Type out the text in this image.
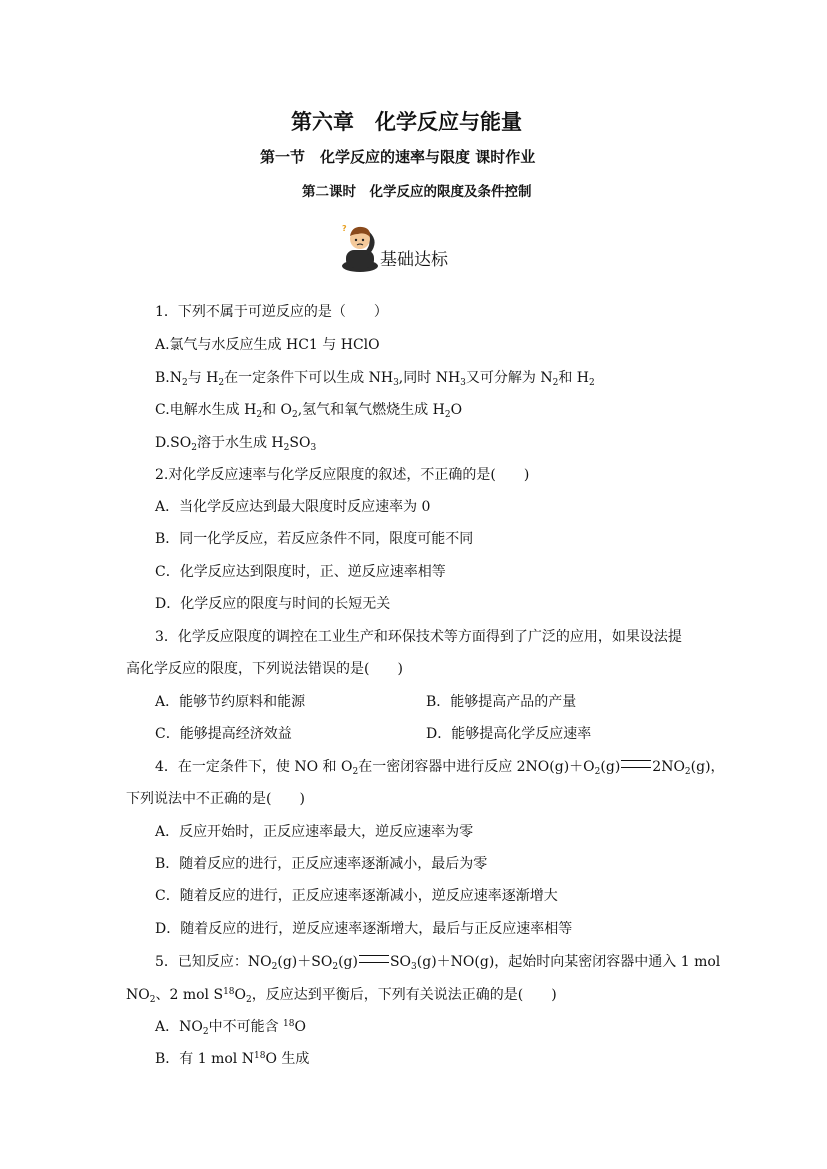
第六章　化学反应与能量
第一节　化学反应的速率与限度 课时作业
第二课时　化学反应的限度及条件控制
?
基础达标
1．下列不属于可逆反应的是（　　）
A.氯气与水反应生成 HC1 与 HClO
$B.N_2$与 $H_2$在一定条件下可以生成 $NH_3$,同时 $NH_3$又可分解为 $N_2$和 $H_2$
C.电解水生成 $H_2$和 $O_2$,氢气和氧气燃烧生成 $H_2O$
$D.SO_2$溶于水生成 $H_2SO_3$
2.对化学反应速率与化学反应限度的叙述，不正确的是(　　)
A．当化学反应达到最大限度时反应速率为 0
B．同一化学反应，若反应条件不同，限度可能不同
C．化学反应达到限度时，正、逆反应速率相等
D．化学反应的限度与时间的长短无关
3．化学反应限度的调控在工业生产和环保技术等方面得到了广泛的应用，如果设法提
高化学反应的限度，下列说法错误的是(　　)
A．能够节约原料和能源	B．能够提高产品的产量
C．能够提高经济效益	D．能够提高化学反应速率
4．在一定条件下，使 NO 和 $O_2$在一密闭容器中进行反应 $2NO(g)+O_2(g)$ $2NO_2(g)$，
下列说法中不正确的是(　　)
A．反应开始时，正反应速率最大，逆反应速率为零
B．随着反应的进行，正反应速率逐渐减小，最后为零
C．随着反应的进行，正反应速率逐渐减小，逆反应速率逐渐增大
D．随着反应的进行，逆反应速率逐渐增大，最后与正反应速率相等
5．已知反应：$NO_2(g)+SO_2(g)$ $SO_3(g)+NO(g)$，起始时向某密闭容器中通入 1 mol
$NO_2$、2 mol $S^{18}O_2$，反应达到平衡后，下列有关说法正确的是(　　)
A．$NO_2$中不可能含 $^{18}$O
B．有 1 mol $N^{18}O$ 生成
